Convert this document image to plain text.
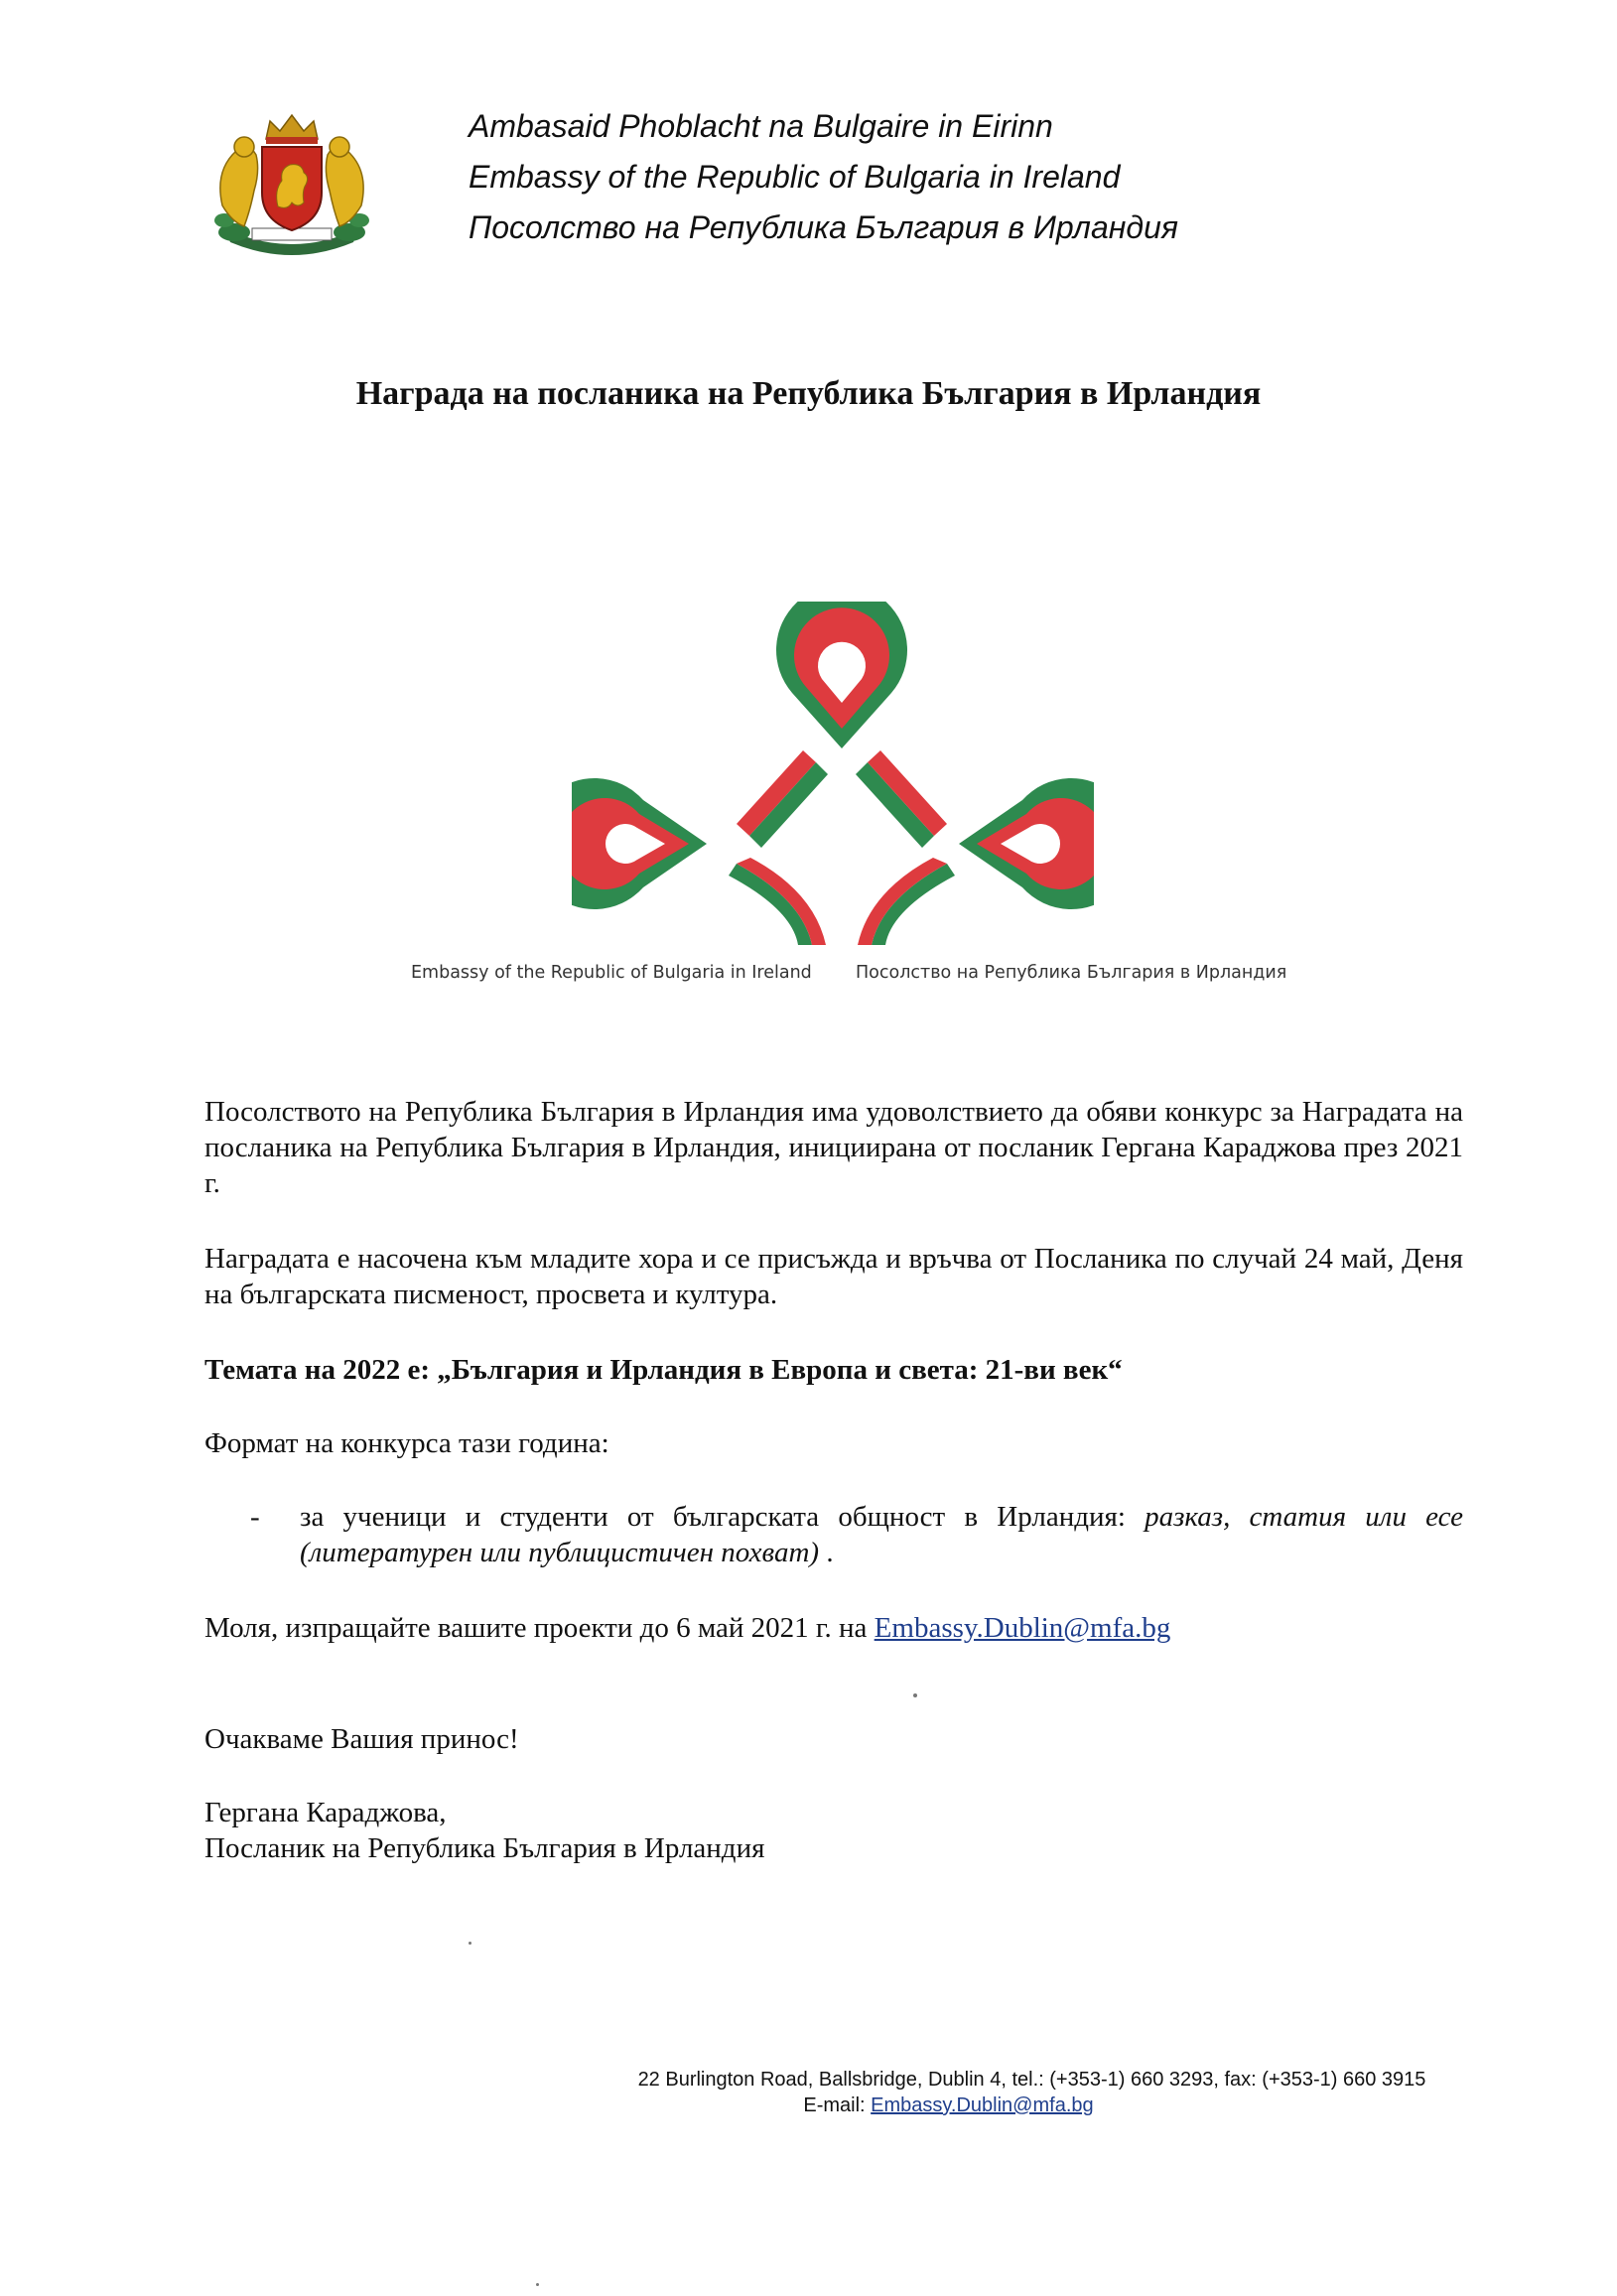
Ambasaid Phoblacht na Bulgaire in Eirinn
Embassy of the Republic of Bulgaria in Ireland
Посолство на Република България в Ирландия
Награда на посланика на Република България в Ирландия
Embassy of the Republic of Bulgaria in Ireland	Посолство на Република България в Ирландия
Посолството на Република България в Ирландия има удоволствието да обяви конкурс за Наградата на посланика на Република България в Ирландия, инициирана от посланик Гергана Караджова през 2021 г.
Наградата е насочена към младите хора и се присъжда и връчва от Посланика по случай 24 май, Деня на българската писменост, просвета и култура.
Темата на 2022 е: „България и Ирландия в Европа и света: 21-ви век“
Формат на конкурса тази година:
- за ученици и студенти от българската общност в Ирландия: разказ, статия или есе (литературен или публицистичен похват) .
Моля, изпращайте вашите проекти до 6 май 2021 г. на Embassy.Dublin@mfa.bg
Очакваме Вашия принос!
Гергана Караджова,
Посланик на Република България в Ирландия
22 Burlington Road, Ballsbridge, Dublin 4, tel.: (+353-1) 660 3293, fax: (+353-1) 660 3915
E-mail: Embassy.Dublin@mfa.bg
